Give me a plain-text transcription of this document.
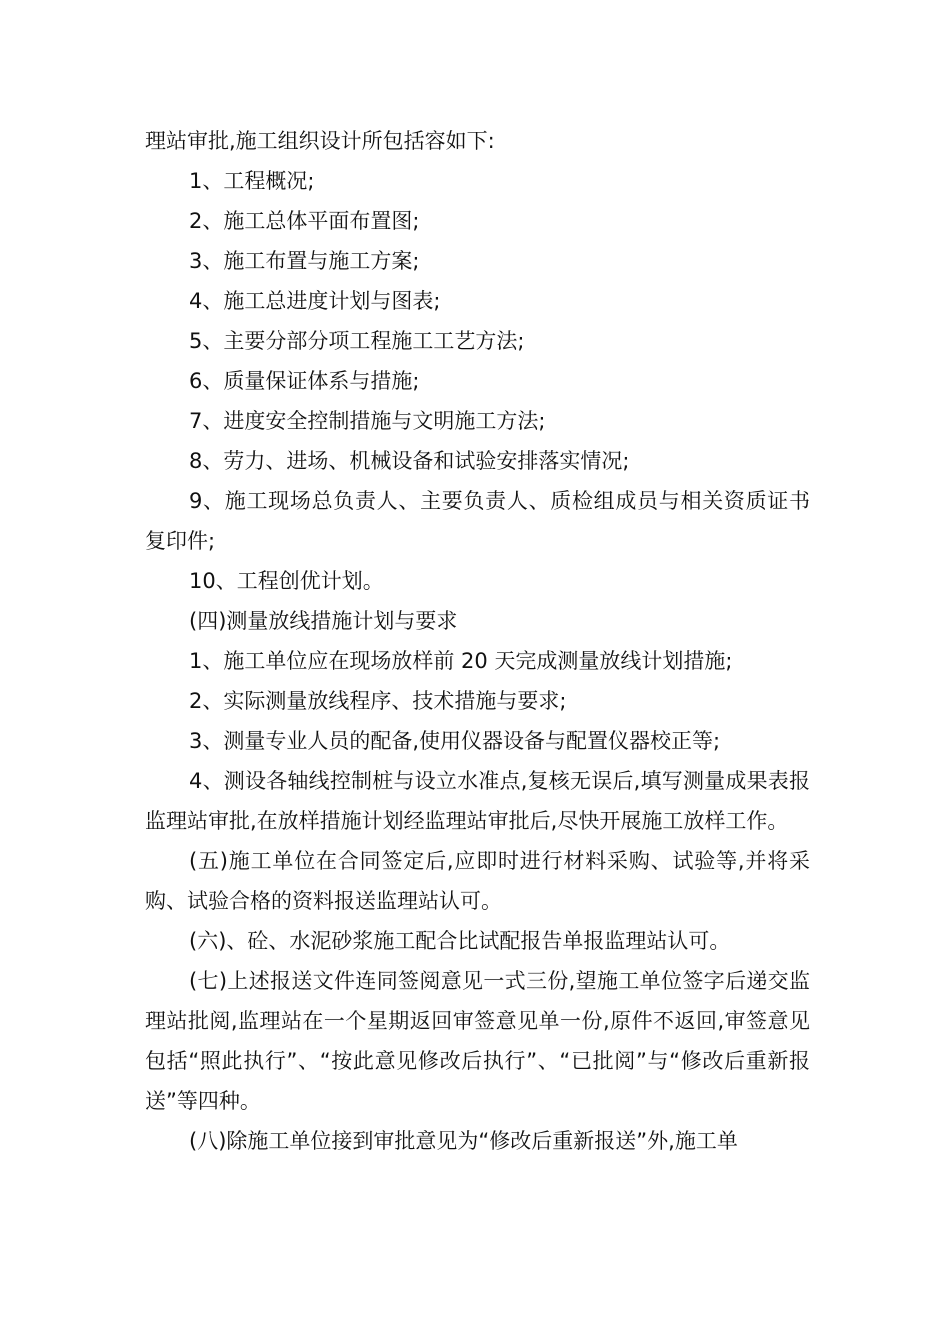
理站审批,施工组织设计所包括容如下:

1、工程概况;

2、施工总体平面布置图;

3、施工布置与施工方案;

4、施工总进度计划与图表;

5、主要分部分项工程施工工艺方法;

6、质量保证体系与措施;

7、进度安全控制措施与文明施工方法;

8、劳力、进场、机械设备和试验安排落实情况;

9、施工现场总负责人、主要负责人、质检组成员与相关资质证书复印件;

10、工程创优计划。

(四)测量放线措施计划与要求

1、施工单位应在现场放样前 20 天完成测量放线计划措施;

2、实际测量放线程序、技术措施与要求;

3、测量专业人员的配备,使用仪器设备与配置仪器校正等;

4、测设各轴线控制桩与设立水准点,复核无误后,填写测量成果表报监理站审批,在放样措施计划经监理站审批后,尽快开展施工放样工作。

(五)施工单位在合同签定后,应即时进行材料采购、试验等,并将采购、试验合格的资料报送监理站认可。

(六)、砼、水泥砂浆施工配合比试配报告单报监理站认可。

(七)上述报送文件连同签阅意见一式三份,望施工单位签字后递交监理站批阅,监理站在一个星期返回审签意见单一份,原件不返回,审签意见包括“照此执行”、“按此意见修改后执行”、“已批阅”与“修改后重新报送”等四种。

(八)除施工单位接到审批意见为“修改后重新报送”外,施工单
